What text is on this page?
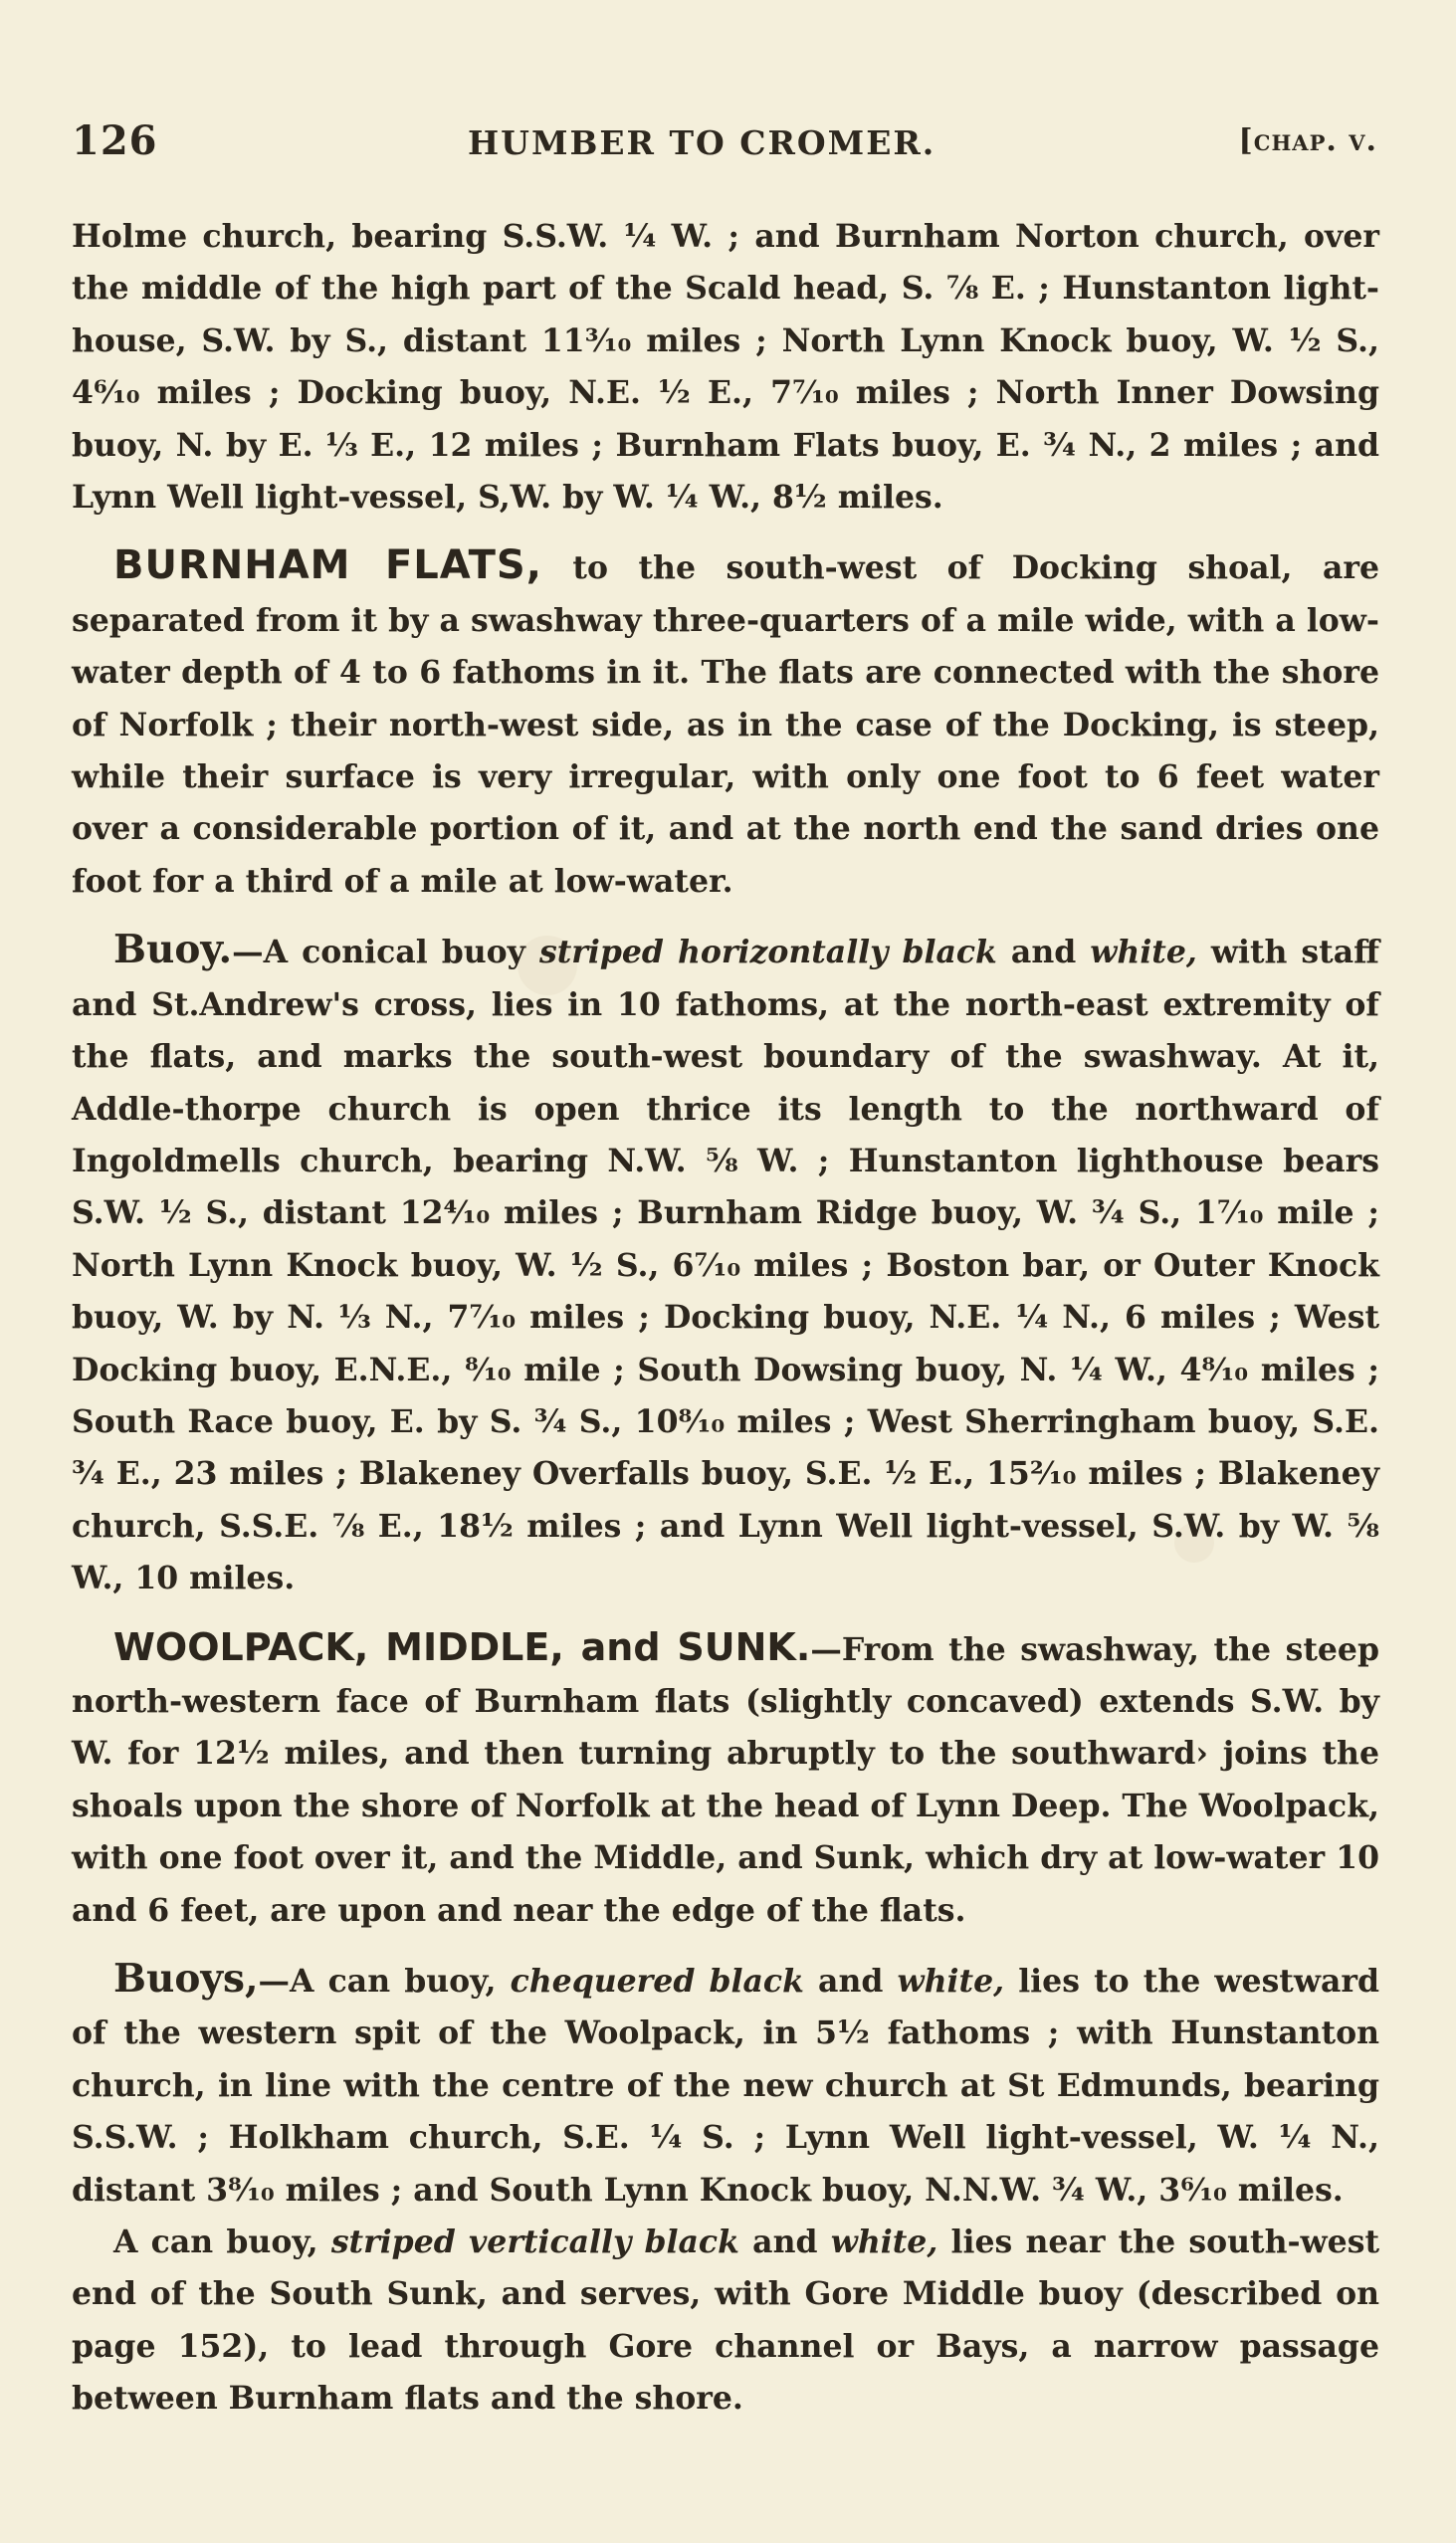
126	HUMBER TO CROMER.	[chap. v.

Holme church, bearing S.S.W. ¼ W. ; and Burnham Norton church, over the middle of the high part of the Scald head, S. ⅞ E. ; Hunstanton light-house, S.W. by S., distant 11³⁄₁₀ miles ; North Lynn Knock buoy, W. ½ S., 4⁶⁄₁₀ miles ; Docking buoy, N.E. ½ E., 7⁷⁄₁₀ miles ; North Inner Dowsing buoy, N. by E. ⅓ E., 12 miles ; Burnham Flats buoy, E. ¾ N., 2 miles ; and Lynn Well light-vessel, S,W. by W. ¼ W., 8½ miles.

BURNHAM FLATS, to the south-west of Docking shoal, are separated from it by a swashway three-quarters of a mile wide, with a low-water depth of 4 to 6 fathoms in it. The flats are connected with the shore of Norfolk ; their north-west side, as in the case of the Docking, is steep, while their surface is very irregular, with only one foot to 6 feet water over a considerable portion of it, and at the north end the sand dries one foot for a third of a mile at low-water.

Buoy.—A conical buoy striped horizontally black and white, with staff and St.Andrew's cross, lies in 10 fathoms, at the north-east extremity of the flats, and marks the south-west boundary of the swashway. At it, Addle-thorpe church is open thrice its length to the northward of Ingoldmells church, bearing N.W. ⅝ W. ; Hunstanton lighthouse bears S.W. ½ S., distant 12⁴⁄₁₀ miles ; Burnham Ridge buoy, W. ¾ S., 1⁷⁄₁₀ mile ; North Lynn Knock buoy, W. ½ S., 6⁷⁄₁₀ miles ; Boston bar, or Outer Knock buoy, W. by N. ⅓ N., 7⁷⁄₁₀ miles ; Docking buoy, N.E. ¼ N., 6 miles ; West Docking buoy, E.N.E., ⁸⁄₁₀ mile ; South Dowsing buoy, N. ¼ W., 4⁸⁄₁₀ miles ; South Race buoy, E. by S. ¾ S., 10⁸⁄₁₀ miles ; West Sherringham buoy, S.E. ¾ E., 23 miles ; Blakeney Overfalls buoy, S.E. ½ E., 15²⁄₁₀ miles ; Blakeney church, S.S.E. ⅞ E., 18½ miles ; and Lynn Well light-vessel, S.W. by W. ⅝ W., 10 miles.

WOOLPACK, MIDDLE, and SUNK.—From the swashway, the steep north-western face of Burnham flats (slightly concaved) extends S.W. by W. for 12½ miles, and then turning abruptly to the southward› joins the shoals upon the shore of Norfolk at the head of Lynn Deep. The Woolpack, with one foot over it, and the Middle, and Sunk, which dry at low-water 10 and 6 feet, are upon and near the edge of the flats.

Buoys,—A can buoy, chequered black and white, lies to the westward of the western spit of the Woolpack, in 5½ fathoms ; with Hunstanton church, in line with the centre of the new church at St Edmunds, bearing S.S.W. ; Holkham church, S.E. ¼ S. ; Lynn Well light-vessel, W. ¼ N., distant 3⁸⁄₁₀ miles ; and South Lynn Knock buoy, N.N.W. ¾ W., 3⁶⁄₁₀ miles.

A can buoy, striped vertically black and white, lies near the south-west end of the South Sunk, and serves, with Gore Middle buoy (described on page 152), to lead through Gore channel or Bays, a narrow passage between Burnham flats and the shore.
